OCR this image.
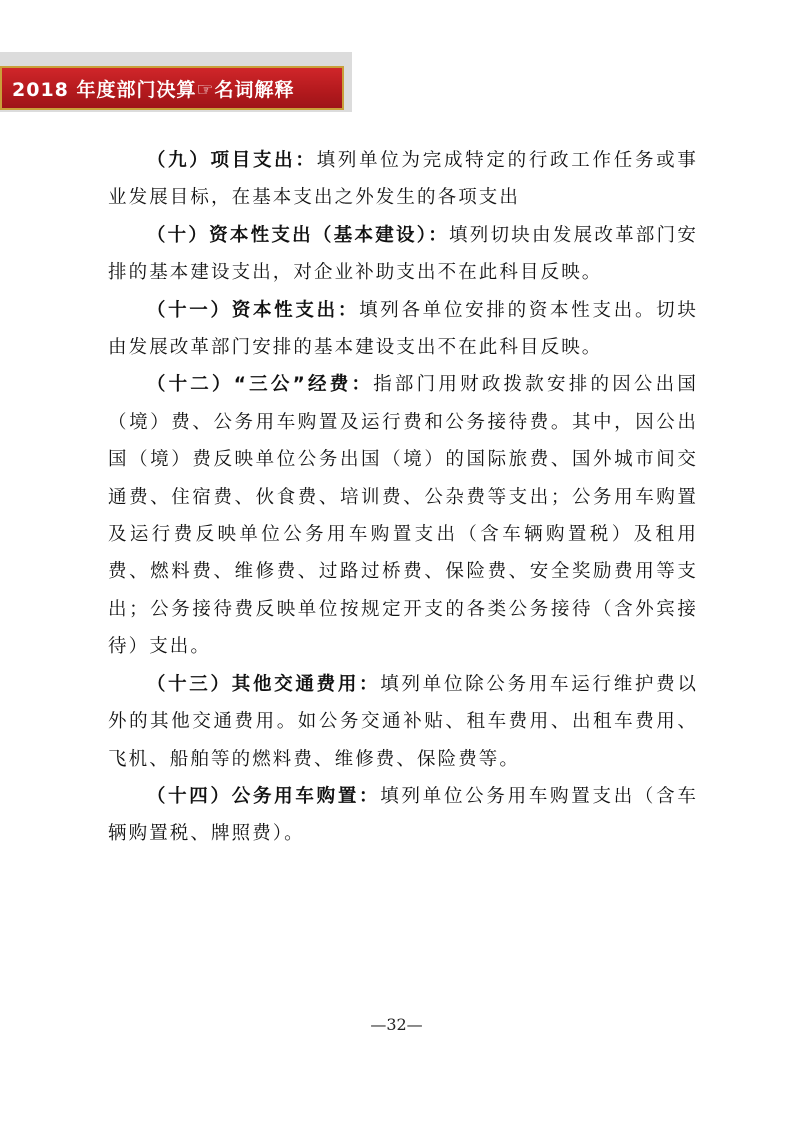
2018 年度部门决算☞名词解释

（九）项目支出：填列单位为完成特定的行政工作任务或事业发展目标，在基本支出之外发生的各项支出

（十）资本性支出（基本建设）：填列切块由发展改革部门安排的基本建设支出，对企业补助支出不在此科目反映。

（十一）资本性支出：填列各单位安排的资本性支出。切块由发展改革部门安排的基本建设支出不在此科目反映。

（十二）“三公”经费：指部门用财政拨款安排的因公出国（境）费、公务用车购置及运行费和公务接待费。其中，因公出国（境）费反映单位公务出国（境）的国际旅费、国外城市间交通费、住宿费、伙食费、培训费、公杂费等支出；公务用车购置及运行费反映单位公务用车购置支出（含车辆购置税）及租用费、燃料费、维修费、过路过桥费、保险费、安全奖励费用等支出；公务接待费反映单位按规定开支的各类公务接待（含外宾接待）支出。

（十三）其他交通费用：填列单位除公务用车运行维护费以外的其他交通费用。如公务交通补贴、租车费用、出租车费用、飞机、船舶等的燃料费、维修费、保险费等。

（十四）公务用车购置：填列单位公务用车购置支出（含车辆购置税、牌照费）。

—32—
